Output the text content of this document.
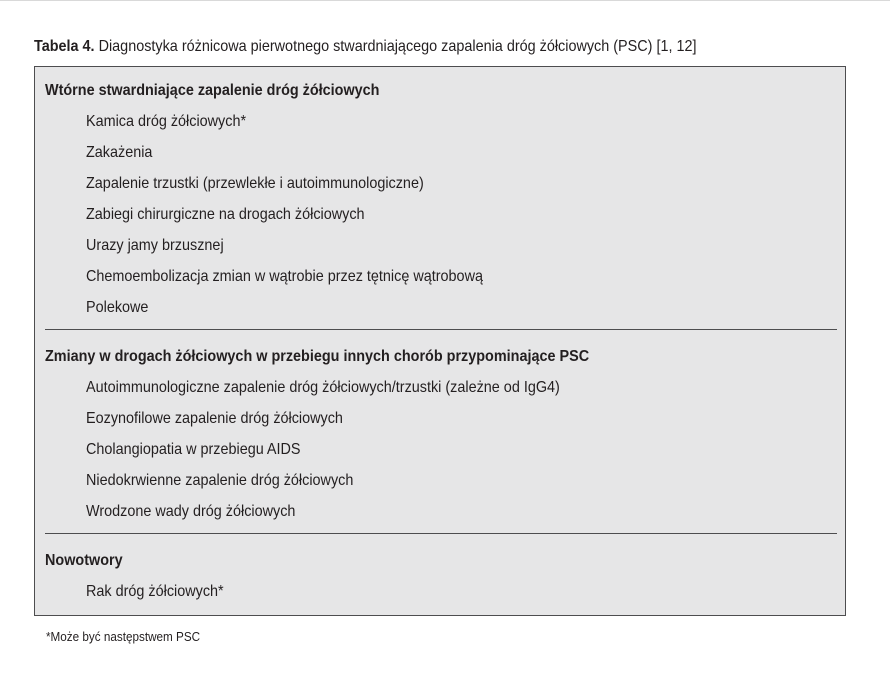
Tabela 4. Diagnostyka różnicowa pierwotnego stwardniającego zapalenia dróg żółciowych (PSC) [1, 12]
Wtórne stwardniające zapalenie dróg żółciowych
Kamica dróg żółciowych*
Zakażenia
Zapalenie trzustki (przewlekłe i autoimmunologiczne)
Zabiegi chirurgiczne na drogach żółciowych
Urazy jamy brzusznej
Chemoembolizacja zmian w wątrobie przez tętnicę wątrobową
Polekowe
Zmiany w drogach żółciowych w przebiegu innych chorób przypominające PSC
Autoimmunologiczne zapalenie dróg żółciowych/trzustki (zależne od IgG4)
Eozynofilowe zapalenie dróg żółciowych
Cholangiopatia w przebiegu AIDS
Niedokrwienne zapalenie dróg żółciowych
Wrodzone wady dróg żółciowych
Nowotwory
Rak dróg żółciowych*
*Może być następstwem PSC
